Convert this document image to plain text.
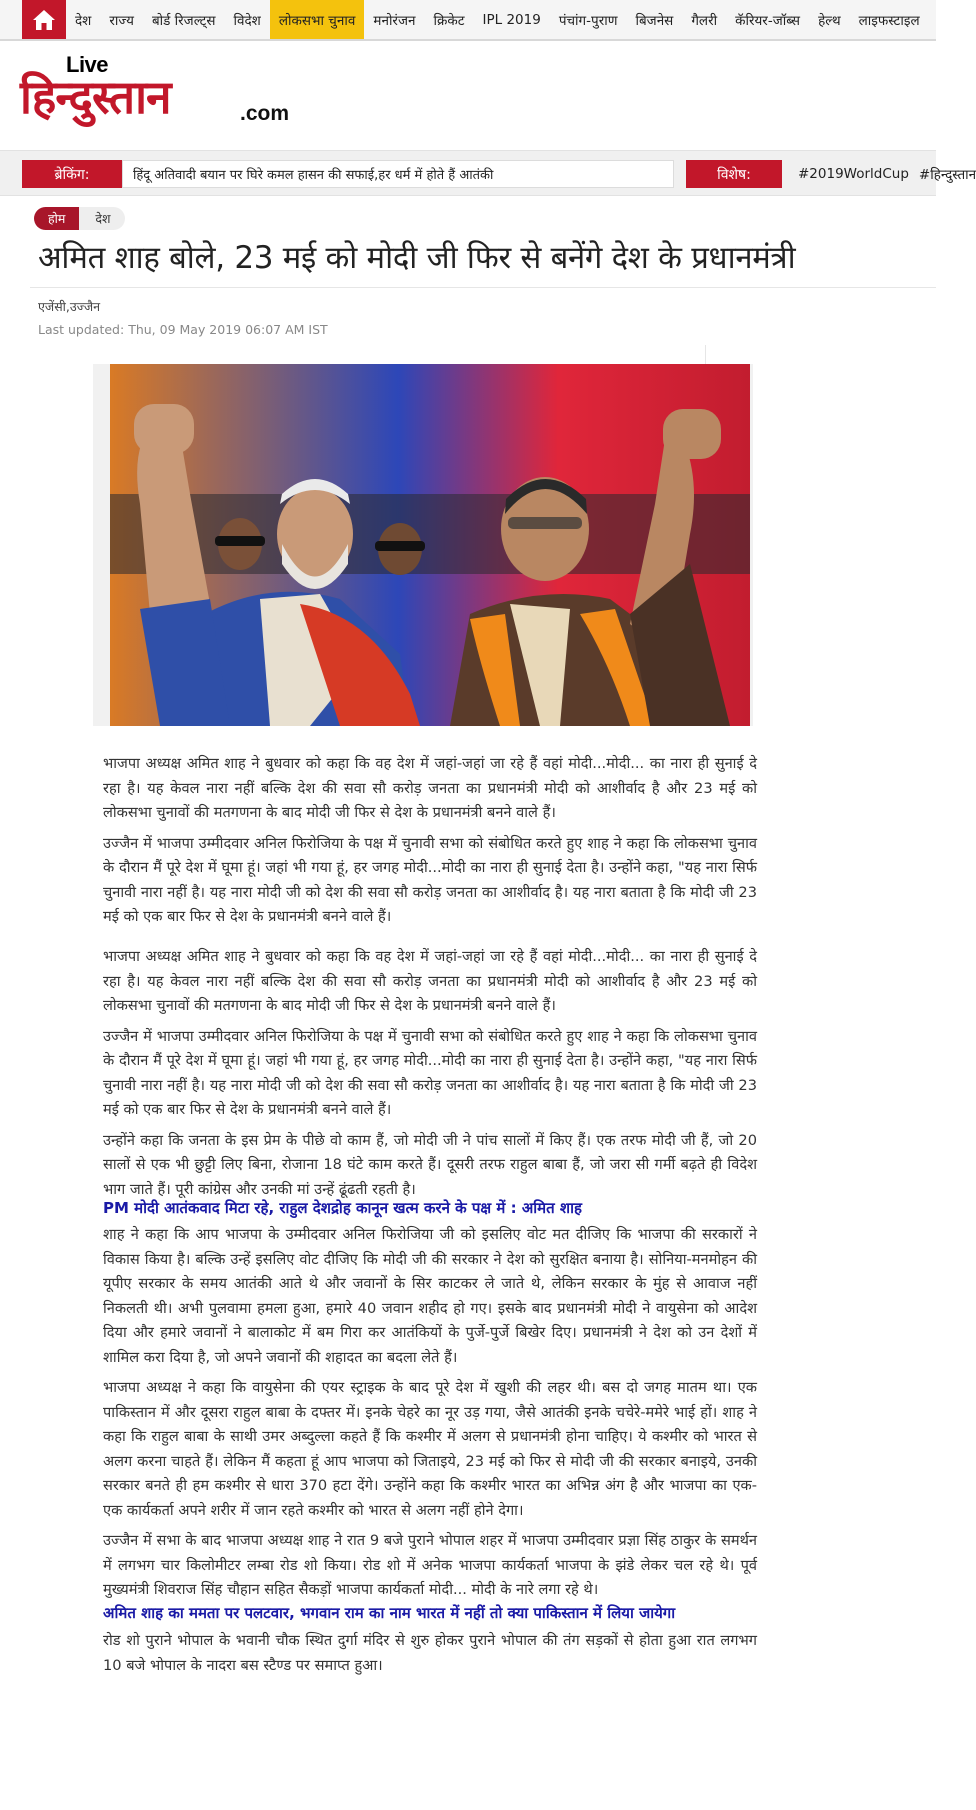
देश	राज्य	बोर्ड रिजल्ट्स	विदेश	लोकसभा चुनाव	मनोरंजन	क्रिकेट	IPL 2019	पंचांग-पुराण	बिजनेस	गैलरी	कॅरियर-जॉब्स	हेल्थ	लाइफस्टाइल
Live
हिन्दुस्तान	.com
ब्रेकिंग:	हिंदू अतिवादी बयान पर घिरे कमल हासन की सफाई,हर धर्म में होते हैं आतंकी	विशेष:	#2019WorldCup #हिन्दुस्तान
होम	देश
अमित शाह बोले, 23 मई को मोदी जी फिर से बनेंगे देश के प्रधानमंत्री
एजेंसी,उज्जैन
Last updated: Thu, 09 May 2019 06:07 AM IST

भाजपा अध्यक्ष अमित शाह ने बुधवार को कहा कि वह देश में जहां-जहां जा रहे हैं वहां मोदी...मोदी... का नारा ही सुनाई दे रहा है। यह केवल नारा नहीं बल्कि देश की सवा सौ करोड़ जनता का प्रधानमंत्री मोदी को आशीर्वाद है और 23 मई को लोकसभा चुनावों की मतगणना के बाद मोदी जी फिर से देश के प्रधानमंत्री बनने वाले हैं।

उज्जैन में भाजपा उम्मीदवार अनिल फिरोजिया के पक्ष में चुनावी सभा को संबोधित करते हुए शाह ने कहा कि लोकसभा चुनाव के दौरान मैं पूरे देश में घूमा हूं। जहां भी गया हूं, हर जगह मोदी...मोदी का नारा ही सुनाई देता है। उन्होंने कहा, "यह नारा सिर्फ चुनावी नारा नहीं है। यह नारा मोदी जी को देश की सवा सौ करोड़ जनता का आशीर्वाद है। यह नारा बताता है कि मोदी जी 23 मई को एक बार फिर से देश के प्रधानमंत्री बनने वाले हैं।

भाजपा अध्यक्ष अमित शाह ने बुधवार को कहा कि वह देश में जहां-जहां जा रहे हैं वहां मोदी...मोदी... का नारा ही सुनाई दे रहा है। यह केवल नारा नहीं बल्कि देश की सवा सौ करोड़ जनता का प्रधानमंत्री मोदी को आशीर्वाद है और 23 मई को लोकसभा चुनावों की मतगणना के बाद मोदी जी फिर से देश के प्रधानमंत्री बनने वाले हैं।

उज्जैन में भाजपा उम्मीदवार अनिल फिरोजिया के पक्ष में चुनावी सभा को संबोधित करते हुए शाह ने कहा कि लोकसभा चुनाव के दौरान मैं पूरे देश में घूमा हूं। जहां भी गया हूं, हर जगह मोदी...मोदी का नारा ही सुनाई देता है। उन्होंने कहा, "यह नारा सिर्फ चुनावी नारा नहीं है। यह नारा मोदी जी को देश की सवा सौ करोड़ जनता का आशीर्वाद है। यह नारा बताता है कि मोदी जी 23 मई को एक बार फिर से देश के प्रधानमंत्री बनने वाले हैं।

उन्होंने कहा कि जनता के इस प्रेम के पीछे वो काम हैं, जो मोदी जी ने पांच सालों में किए हैं। एक तरफ मोदी जी हैं, जो 20 सालों से एक भी छुट्टी लिए बिना, रोजाना 18 घंटे काम करते हैं। दूसरी तरफ राहुल बाबा हैं, जो जरा सी गर्मी बढ़ते ही विदेश भाग जाते हैं। पूरी कांग्रेस और उनकी मां उन्हें ढूंढती रहती है।

PM मोदी आतंकवाद मिटा रहे, राहुल देशद्रोह कानून खत्म करने के पक्ष में : अमित शाह

शाह ने कहा कि आप भाजपा के उम्मीदवार अनिल फिरोजिया जी को इसलिए वोट मत दीजिए कि भाजपा की सरकारों ने विकास किया है। बल्कि उन्हें इसलिए वोट दीजिए कि मोदी जी की सरकार ने देश को सुरक्षित बनाया है। सोनिया-मनमोहन की यूपीए सरकार के समय आतंकी आते थे और जवानों के सिर काटकर ले जाते थे, लेकिन सरकार के मुंह से आवाज नहीं निकलती थी। अभी पुलवामा हमला हुआ, हमारे 40 जवान शहीद हो गए। इसके बाद प्रधानमंत्री मोदी ने वायुसेना को आदेश दिया और हमारे जवानों ने बालाकोट में बम गिरा कर आतंकियों के पुर्जे-पुर्जे बिखेर दिए। प्रधानमंत्री ने देश को उन देशों में शामिल करा दिया है, जो अपने जवानों की शहादत का बदला लेते हैं।

भाजपा अध्यक्ष ने कहा कि वायुसेना की एयर स्ट्राइक के बाद पूरे देश में खुशी की लहर थी। बस दो जगह मातम था। एक पाकिस्तान में और दूसरा राहुल बाबा के दफ्तर में। इनके चेहरे का नूर उड़ गया, जैसे आतंकी इनके चचेरे-ममेरे भाई हों। शाह ने कहा कि राहुल बाबा के साथी उमर अब्दुल्ला कहते हैं कि कश्मीर में अलग से प्रधानमंत्री होना चाहिए। ये कश्मीर को भारत से अलग करना चाहते हैं। लेकिन मैं कहता हूं आप भाजपा को जिताइये, 23 मई को फिर से मोदी जी की सरकार बनाइये, उनकी सरकार बनते ही हम कश्मीर से धारा 370 हटा देंगे। उन्होंने कहा कि कश्मीर भारत का अभिन्न अंग है और भाजपा का एक-एक कार्यकर्ता अपने शरीर में जान रहते कश्मीर को भारत से अलग नहीं होने देगा।

उज्जैन में सभा के बाद भाजपा अध्यक्ष शाह ने रात 9 बजे पुराने भोपाल शहर में भाजपा उम्मीदवार प्रज्ञा सिंह ठाकुर के समर्थन में लगभग चार किलोमीटर लम्बा रोड शो किया। रोड शो में अनेक भाजपा कार्यकर्ता भाजपा के झंडे लेकर चल रहे थे। पूर्व मुख्यमंत्री शिवराज सिंह चौहान सहित सैकड़ों भाजपा कार्यकर्ता मोदी... मोदी के नारे लगा रहे थे।

अमित शाह का ममता पर पलटवार, भगवान राम का नाम भारत में नहीं तो क्या पाकिस्तान में लिया जायेगा

रोड शो पुराने भोपाल के भवानी चौक स्थित दुर्गा मंदिर से शुरु होकर पुराने भोपाल की तंग सड़कों से होता हुआ रात लगभग 10 बजे भोपाल के नादरा बस स्टैण्ड पर समाप्त हुआ।
